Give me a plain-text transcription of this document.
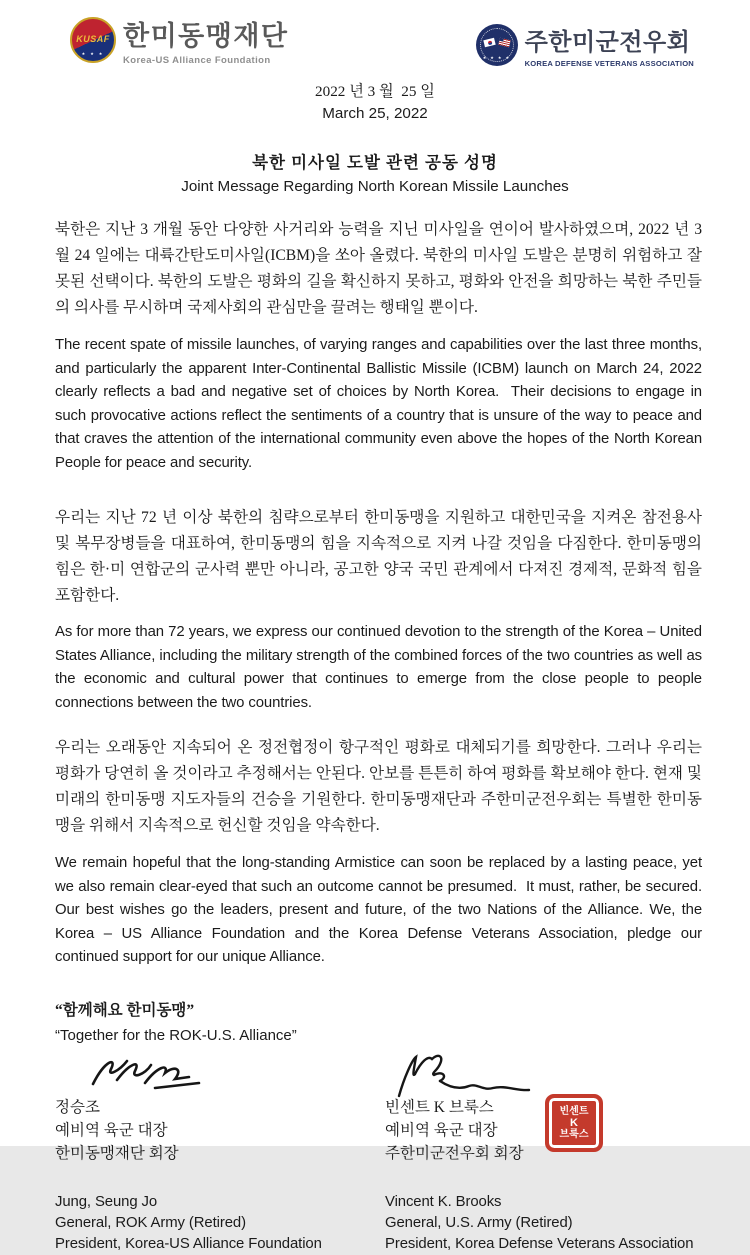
KUSAF
★ ★ ★
한미동맹재단
Korea-US Alliance Foundation	★ ★ ★ ★
주한미군전우회
KOREA DEFENSE VETERANS ASSOCIATION
2022 년 3 월  25 일
March 25, 2022
북한 미사일 도발 관련 공동 성명
Joint Message Regarding North Korean Missile Launches

북한은 지난 3 개월 동안 다양한 사거리와 능력을 지닌 미사일을 연이어 발사하였으며, 2022 년 3 월 24 일에는 대륙간탄도미사일(ICBM)을 쏘아 올렸다. 북한의 미사일 도발은 분명히 위험하고 잘못된 선택이다. 북한의 도발은 평화의 길을 확신하지 못하고, 평화와 안전을 희망하는 북한 주민들의 의사를 무시하며 국제사회의 관심만을 끌려는 행태일 뿐이다.

The recent spate of missile launches, of varying ranges and capabilities over the last three months, and particularly the apparent Inter-Continental Ballistic Missile (ICBM) launch on March 24, 2022 clearly reflects a bad and negative set of choices by North Korea.  Their decisions to engage in such provocative actions reflect the sentiments of a country that is unsure of the way to peace and that craves the attention of the international community even above the hopes of the North Korean People for peace and security.

우리는 지난 72 년 이상 북한의 침략으로부터 한미동맹을 지원하고 대한민국을 지켜온 참전용사 및 복무장병들을 대표하여, 한미동맹의 힘을 지속적으로 지켜 나갈 것임을 다짐한다. 한미동맹의 힘은 한·미 연합군의 군사력 뿐만 아니라, 공고한 양국 국민 관계에서 다져진 경제적, 문화적 힘을 포함한다.

As for more than 72 years, we express our continued devotion to the strength of the Korea – United States Alliance, including the military strength of the combined forces of the two countries as well as the economic and cultural power that continues to emerge from the close people to people connections between the two countries.

우리는 오래동안 지속되어 온 정전협정이 항구적인 평화로 대체되기를 희망한다. 그러나 우리는 평화가 당연히 올 것이라고 추정해서는 안된다. 안보를 튼튼히 하여 평화를 확보해야 한다. 현재 및 미래의 한미동맹 지도자들의 건승을 기원한다. 한미동맹재단과 주한미군전우회는 특별한 한미동맹을 위해서 지속적으로 헌신할 것임을 약속한다.

We remain hopeful that the long-standing Armistice can soon be replaced by a lasting peace, yet we also remain clear-eyed that such an outcome cannot be presumed.  It must, rather, be secured.  Our best wishes go the leaders, present and future, of the two Nations of the Alliance. We, the Korea – US Alliance Foundation and the Korea Defense Veterans Association, pledge our continued support for our unique Alliance.

“함께해요 한미동맹”

“Together for the ROK-U.S. Alliance”

정승조
예비역 육군 대장
한미동맹재단 회장
Jung, Seung Jo
General, ROK Army (Retired)
President, Korea-US Alliance Foundation
빈센트 K 브룩스
예비역 육군 대장
주한미군전우회 회장
Vincent K. Brooks
General, U.S. Army (Retired)
President, Korea Defense Veterans Association
빈센트
K
브룩스
